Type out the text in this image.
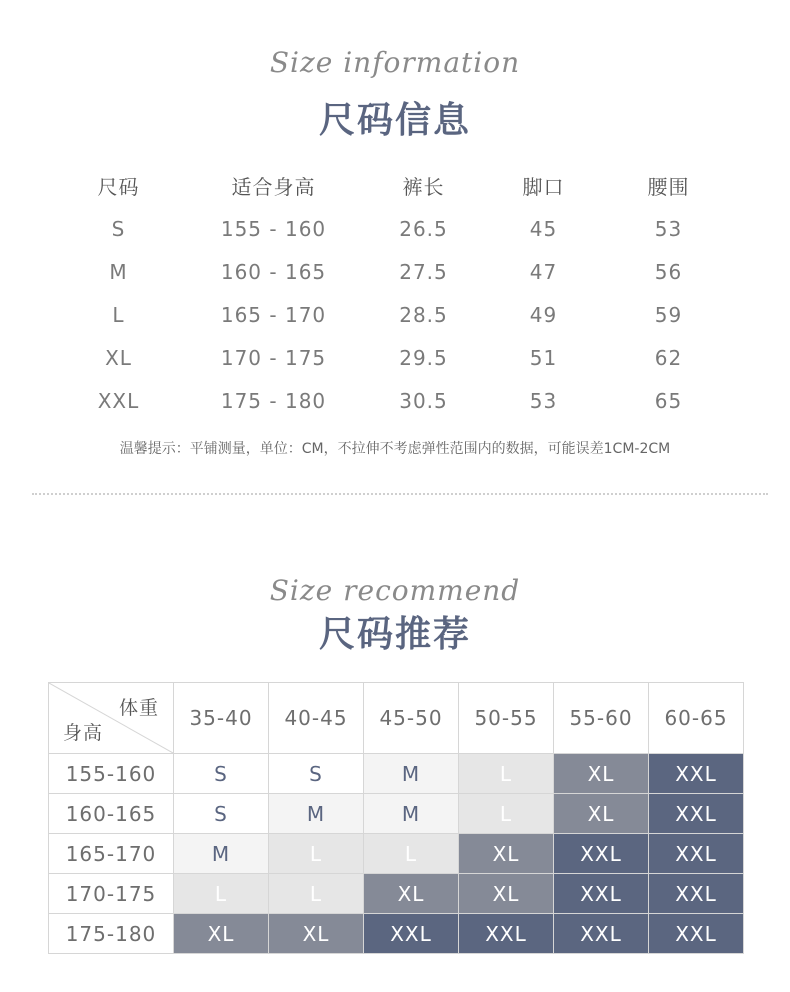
Size information
尺码信息
尺码	适合身高	裤长	脚口	腰围
S	155 - 160	26.5	45	53
M	160 - 165	27.5	47	56
L	165 - 170	28.5	49	59
XL	170 - 175	29.5	51	62
XXL	175 - 180	30.5	53	65
温馨提示：平铺测量，单位：CM，不拉伸不考虑弹性范围内的数据，可能误差1CM-2CM
Size recommend
尺码推荐
体重
身高	35-40	40-45	45-50	50-55	55-60	60-65
155-160	S	S	M	L	XL	XXL
160-165	S	M	M	L	XL	XXL
165-170	M	L	L	XL	XXL	XXL
170-175	L	L	XL	XL	XXL	XXL
175-180	XL	XL	XXL	XXL	XXL	XXL
